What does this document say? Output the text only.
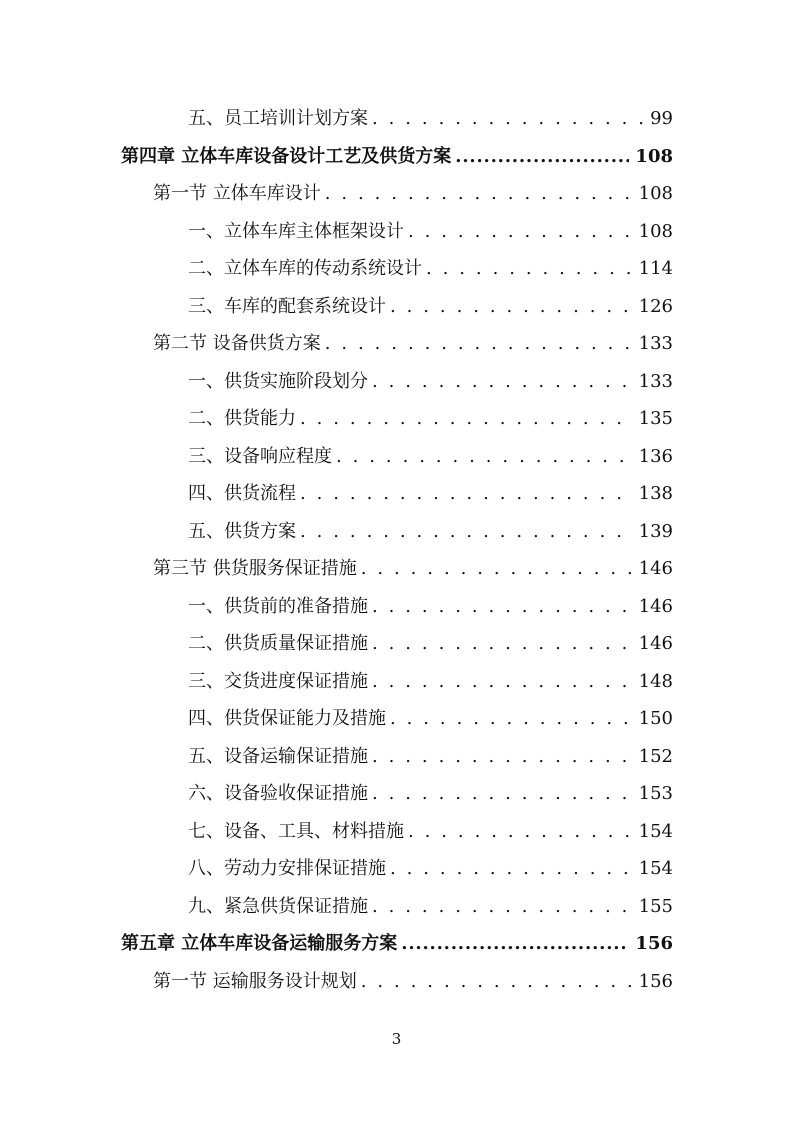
五、员工培训计划方案 . . .	99
第四章 立体车库设备设计工艺及供货方案 .....	108
第一节 立体车库设计 . . .	108
一、立体车库主体框架设计 . . .	108
二、立体车库的传动系统设计 . . .	114
三、车库的配套系统设计 . . .	126
第二节 设备供货方案 . . .	133
一、供货实施阶段划分 . . .	133
二、供货能力 . . .	135
三、设备响应程度 . . .	136
四、供货流程 . . .	138
五、供货方案 . . .	139
第三节 供货服务保证措施 . . .	146
一、供货前的准备措施 . . .	146
二、供货质量保证措施 . . .	146
三、交货进度保证措施 . . .	148
四、供货保证能力及措施 . . .	150
五、设备运输保证措施 . . .	152
六、设备验收保证措施 . . .	153
七、设备、工具、材料措施 . . .	154
八、劳动力安排保证措施 . . .	154
九、紧急供货保证措施 . . .	155
第五章 立体车库设备运输服务方案 .....	156
第一节 运输服务设计规划 . . .	156
3
